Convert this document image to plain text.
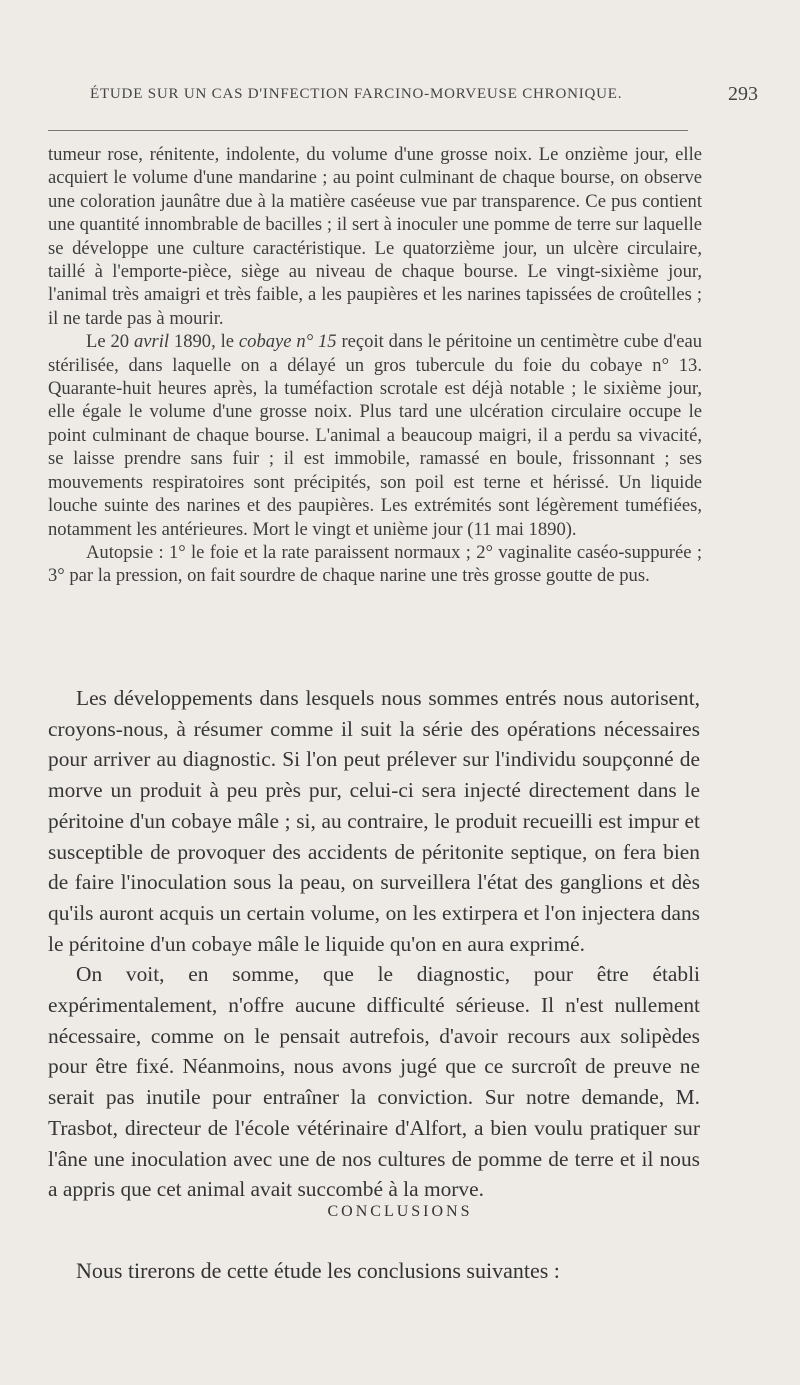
ÉTUDE SUR UN CAS D'INFECTION FARCINO-MORVEUSE CHRONIQUE.	293

tumeur rose, rénitente, indolente, du volume d'une grosse noix. Le onzième jour, elle acquiert le volume d'une mandarine ; au point culminant de chaque bourse, on observe une coloration jaunâtre due à la matière caséeuse vue par transparence. Ce pus contient une quantité innombrable de bacilles ; il sert à inoculer une pomme de terre sur laquelle se développe une culture caractéristique. Le quatorzième jour, un ulcère circulaire, taillé à l'emporte-pièce, siège au niveau de chaque bourse. Le vingt-sixième jour, l'animal très amaigri et très faible, a les paupières et les narines tapissées de croûtelles ; il ne tarde pas à mourir.

Le 20 avril 1890, le cobaye n° 15 reçoit dans le péritoine un centimètre cube d'eau stérilisée, dans laquelle on a délayé un gros tubercule du foie du cobaye n° 13. Quarante-huit heures après, la tuméfaction scrotale est déjà notable ; le sixième jour, elle égale le volume d'une grosse noix. Plus tard une ulcération circulaire occupe le point culminant de chaque bourse. L'animal a beaucoup maigri, il a perdu sa vivacité, se laisse prendre sans fuir ; il est immobile, ramassé en boule, frissonnant ; ses mouvements respiratoires sont précipités, son poil est terne et hérissé. Un liquide louche suinte des narines et des paupières. Les extrémités sont légèrement tuméfiées, notamment les antérieures. Mort le vingt et unième jour (11 mai 1890).

Autopsie : 1° le foie et la rate paraissent normaux ; 2° vaginalite caséo-suppurée ; 3° par la pression, on fait sourdre de chaque narine une très grosse goutte de pus.

Les développements dans lesquels nous sommes entrés nous autorisent, croyons-nous, à résumer comme il suit la série des opérations nécessaires pour arriver au diagnostic. Si l'on peut prélever sur l'individu soupçonné de morve un produit à peu près pur, celui-ci sera injecté directement dans le péritoine d'un cobaye mâle ; si, au contraire, le produit recueilli est impur et susceptible de provoquer des accidents de péritonite septique, on fera bien de faire l'inoculation sous la peau, on surveillera l'état des ganglions et dès qu'ils auront acquis un certain volume, on les extirpera et l'on injectera dans le péritoine d'un cobaye mâle le liquide qu'on en aura exprimé.

On voit, en somme, que le diagnostic, pour être établi expérimentalement, n'offre aucune difficulté sérieuse. Il n'est nullement nécessaire, comme on le pensait autrefois, d'avoir recours aux solipèdes pour être fixé. Néanmoins, nous avons jugé que ce surcroît de preuve ne serait pas inutile pour entraîner la conviction. Sur notre demande, M. Trasbot, directeur de l'école vétérinaire d'Alfort, a bien voulu pratiquer sur l'âne une inoculation avec une de nos cultures de pomme de terre et il nous a appris que cet animal avait succombé à la morve.

CONCLUSIONS
Nous tirerons de cette étude les conclusions suivantes :
